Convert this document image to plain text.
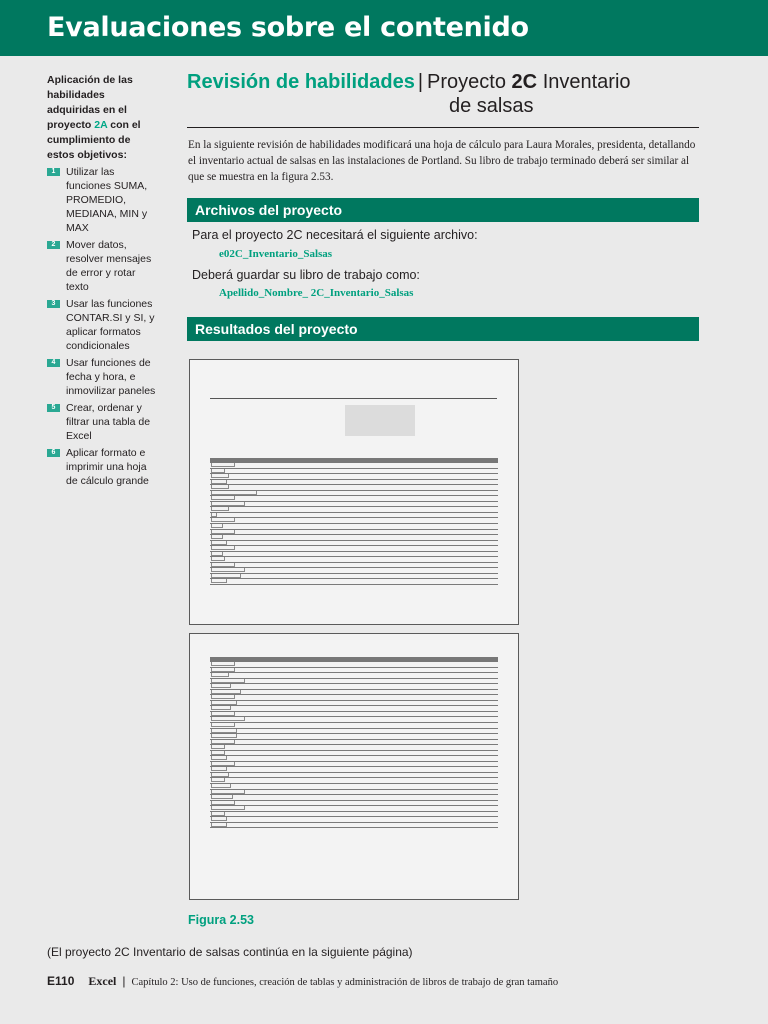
Evaluaciones sobre el contenido
Aplicación de las habilidades adquiridas en el proyecto 2A con el cumplimiento de estos objetivos:
1	Utilizar las funciones SUMA, PROMEDIO, MEDIANA, MIN y MAX
2	Mover datos, resolver mensajes de error y rotar texto
3	Usar las funciones CONTAR.SI y SI, y aplicar formatos condicionales
4	Usar funciones de fecha y hora, e inmovilizar paneles
5	Crear, ordenar y filtrar una tabla de Excel
6	Aplicar formato e imprimir una hoja de cálculo grande
Revisión de habilidades | Proyecto 2C Inventario
de salsas
En la siguiente revisión de habilidades modificará una hoja de cálculo para Laura Morales, presidenta, detallando el inventario actual de salsas en las instalaciones de Portland. Su libro de trabajo terminado deberá ser similar al que se muestra en la figura 2.53.
Archivos del proyecto
Para el proyecto 2C necesitará el siguiente archivo:
e02C_Inventario_Salsas
Deberá guardar su libro de trabajo como:
Apellido_Nombre_ 2C_Inventario_Salsas
Resultados del proyecto
Figura 2.53
(El proyecto 2C Inventario de salsas continúa en la siguiente página)
E110 Excel | Capítulo 2: Uso de funciones, creación de tablas y administración de libros de trabajo de gran tamaño
